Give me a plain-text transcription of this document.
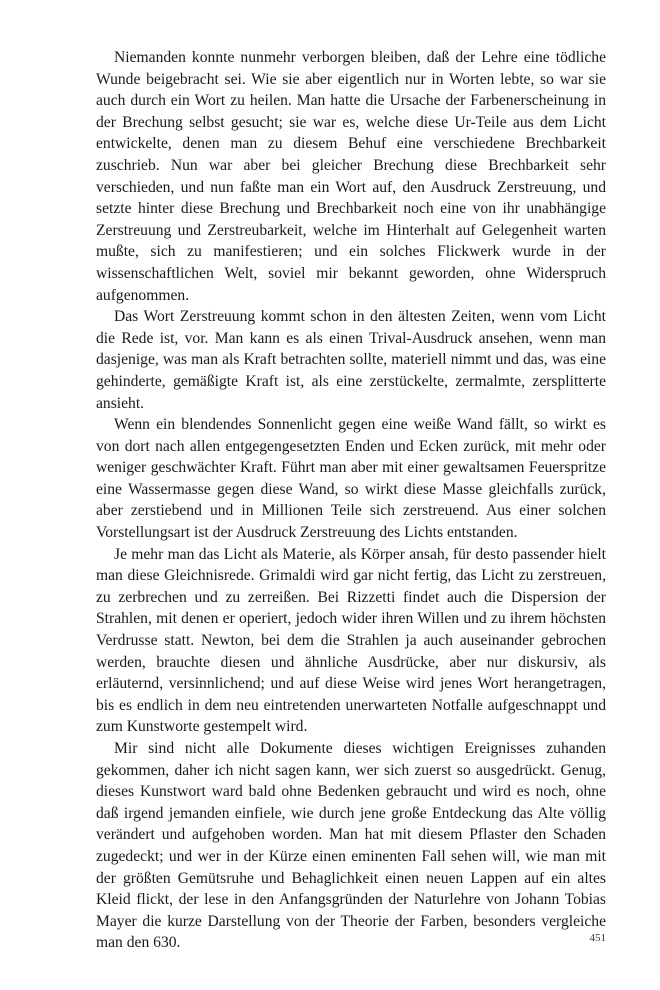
Niemanden konnte nunmehr verborgen bleiben, daß der Lehre eine tödliche Wunde beigebracht sei. Wie sie aber eigentlich nur in Worten lebte, so war sie auch durch ein Wort zu heilen. Man hatte die Ursache der Farbenerscheinung in der Brechung selbst gesucht; sie war es, welche diese Ur-Teile aus dem Licht entwickelte, denen man zu diesem Behuf eine verschiedene Brechbarkeit zuschrieb. Nun war aber bei gleicher Brechung diese Brechbarkeit sehr verschieden, und nun faßte man ein Wort auf, den Ausdruck Zerstreuung, und setzte hinter diese Brechung und Brechbarkeit noch eine von ihr unabhängige Zerstreuung und Zerstreubarkeit, welche im Hinterhalt auf Gelegenheit warten mußte, sich zu manifestieren; und ein solches Flickwerk wurde in der wissenschaftlichen Welt, soviel mir bekannt geworden, ohne Widerspruch aufgenommen.

Das Wort Zerstreuung kommt schon in den ältesten Zeiten, wenn vom Licht die Rede ist, vor. Man kann es als einen Trival-Ausdruck ansehen, wenn man dasjenige, was man als Kraft betrachten sollte, materiell nimmt und das, was eine gehinderte, gemäßigte Kraft ist, als eine zerstückelte, zermalmte, zersplitterte ansieht.

Wenn ein blendendes Sonnenlicht gegen eine weiße Wand fällt, so wirkt es von dort nach allen entgegengesetzten Enden und Ecken zurück, mit mehr oder weniger geschwächter Kraft. Führt man aber mit einer gewaltsamen Feuerspritze eine Wassermasse gegen diese Wand, so wirkt diese Masse gleichfalls zurück, aber zerstiebend und in Millionen Teile sich zerstreuend. Aus einer solchen Vorstellungsart ist der Ausdruck Zerstreuung des Lichts entstanden.

Je mehr man das Licht als Materie, als Körper ansah, für desto passender hielt man diese Gleichnisrede. Grimaldi wird gar nicht fertig, das Licht zu zerstreuen, zu zerbrechen und zu zerreißen. Bei Rizzetti findet auch die Dispersion der Strahlen, mit denen er operiert, jedoch wider ihren Willen und zu ihrem höchsten Verdrusse statt. Newton, bei dem die Strahlen ja auch auseinander gebrochen werden, brauchte diesen und ähnliche Ausdrücke, aber nur diskursiv, als erläuternd, versinnlichend; und auf diese Weise wird jenes Wort herangetragen, bis es endlich in dem neu eintretenden unerwarteten Notfalle aufgeschnappt und zum Kunstworte gestempelt wird.

Mir sind nicht alle Dokumente dieses wichtigen Ereignisses zuhanden gekommen, daher ich nicht sagen kann, wer sich zuerst so ausgedrückt. Genug, dieses Kunstwort ward bald ohne Bedenken gebraucht und wird es noch, ohne daß irgend jemanden einfiele, wie durch jene große Entdeckung das Alte völlig verändert und aufgehoben worden. Man hat mit diesem Pflaster den Schaden zugedeckt; und wer in der Kürze einen eminenten Fall sehen will, wie man mit der größten Gemütsruhe und Behaglichkeit einen neuen Lappen auf ein altes Kleid flickt, der lese in den Anfangsgründen der Naturlehre von Johann Tobias Mayer die kurze Darstellung von der Theorie der Farben, besonders vergleiche man den 630.	451
